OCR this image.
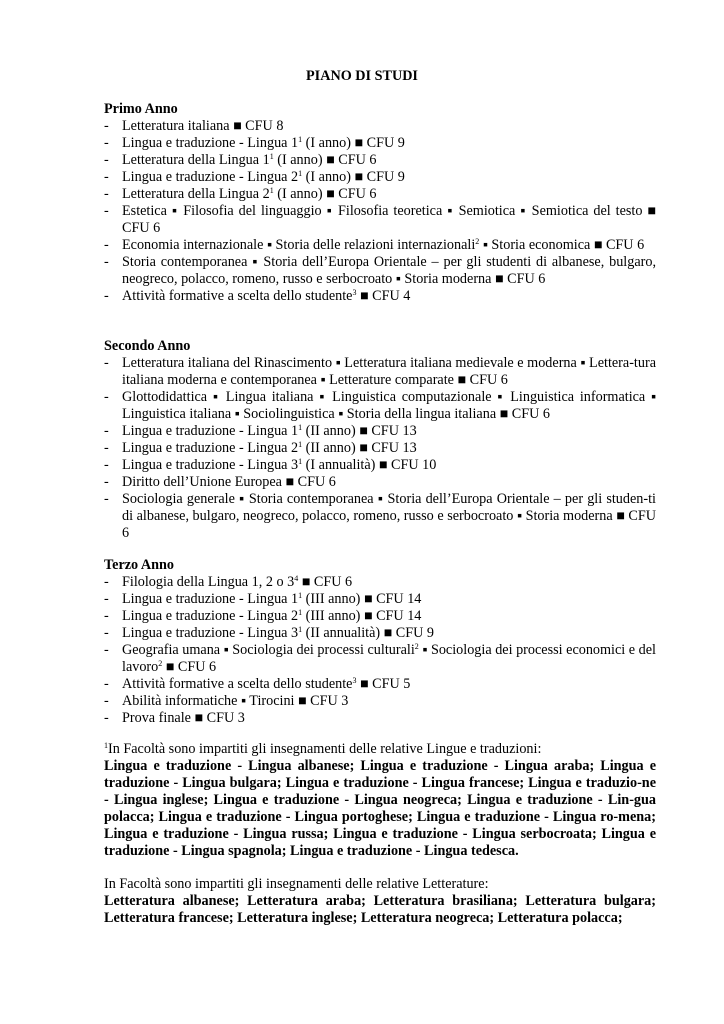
PIANO DI STUDI
Primo Anno
- Letteratura italiana ■ CFU 8
- Lingua e traduzione - Lingua $1^1$ (I anno) ■ CFU 9
- Letteratura della Lingua $1^1$ (I anno) ■ CFU 6
- Lingua e traduzione - Lingua $2^1$ (I anno) ■ CFU 9
- Letteratura della Lingua $2^1$ (I anno) ■ CFU 6
- Estetica ▪ Filosofia del linguaggio ▪ Filosofia teoretica ▪ Semiotica ▪ Semiotica del testo ■ CFU 6
- Economia internazionale ▪ Storia delle relazioni internazionali$^2$ ▪ Storia economica ■ CFU 6
- Storia contemporanea ▪ Storia dell’Europa Orientale – per gli studenti di albanese, bulgaro, neogreco, polacco, romeno, russo e serbocroato ▪ Storia moderna ■ CFU 6
- Attività formative a scelta dello studente$^3$ ■ CFU 4
Secondo Anno
- Letteratura italiana del Rinascimento ▪ Letteratura italiana medievale e moderna ▪ Lettera-tura italiana moderna e contemporanea ▪ Letterature comparate ■ CFU 6
- Glottodidattica ▪ Lingua italiana ▪ Linguistica computazionale ▪ Linguistica informatica ▪ Linguistica italiana ▪ Sociolinguistica ▪ Storia della lingua italiana ■ CFU 6
- Lingua e traduzione - Lingua $1^1$ (II anno) ■ CFU 13
- Lingua e traduzione - Lingua $2^1$ (II anno) ■ CFU 13
- Lingua e traduzione - Lingua $3^1$ (I annualità) ■ CFU 10
- Diritto dell’Unione Europea ■ CFU 6
- Sociologia generale ▪ Storia contemporanea ▪ Storia dell’Europa Orientale – per gli studen-ti di albanese, bulgaro, neogreco, polacco, romeno, russo e serbocroato ▪ Storia moderna ■ CFU 6
Terzo Anno
- Filologia della Lingua 1, 2 o $3^4$ ■ CFU 6
- Lingua e traduzione - Lingua $1^1$ (III anno) ■ CFU 14
- Lingua e traduzione - Lingua $2^1$ (III anno) ■ CFU 14
- Lingua e traduzione - Lingua $3^1$ (II annualità) ■ CFU 9
- Geografia umana ▪ Sociologia dei processi culturali$^2$ ▪ Sociologia dei processi economici e del lavoro$^2$ ■ CFU 6
- Attività formative a scelta dello studente$^3$ ■ CFU 5
- Abilità informatiche ▪ Tirocini ■ CFU 3
- Prova finale ■ CFU 3
$^1$In Facoltà sono impartiti gli insegnamenti delle relative Lingue e traduzioni:
Lingua e traduzione - Lingua albanese; Lingua e traduzione - Lingua araba; Lingua e traduzione - Lingua bulgara; Lingua e traduzione - Lingua francese; Lingua e traduzio-ne - Lingua inglese; Lingua e traduzione - Lingua neogreca; Lingua e traduzione - Lin-gua polacca; Lingua e traduzione - Lingua portoghese; Lingua e traduzione - Lingua ro-mena; Lingua e traduzione - Lingua russa; Lingua e traduzione - Lingua serbocroata; Lingua e traduzione - Lingua spagnola; Lingua e traduzione - Lingua tedesca.
In Facoltà sono impartiti gli insegnamenti delle relative Letterature:
Letteratura albanese; Letteratura araba; Letteratura brasiliana; Letteratura bulgara; Letteratura francese; Letteratura inglese; Letteratura neogreca; Letteratura polacca;
